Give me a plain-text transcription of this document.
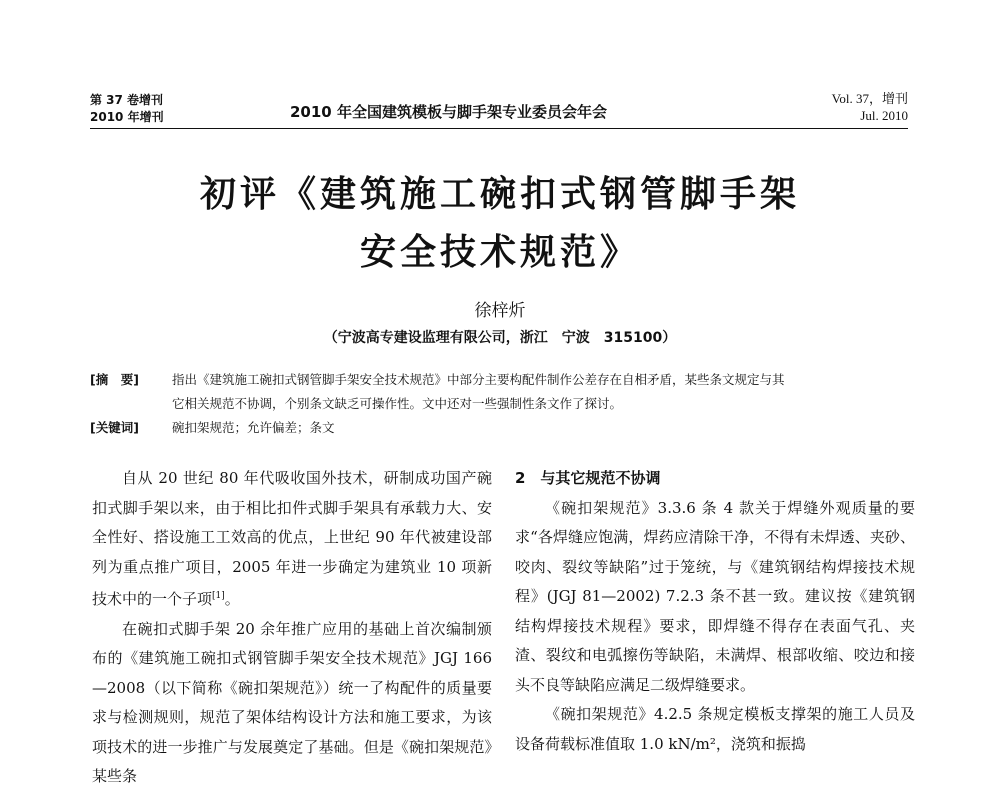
第 37 卷增刊
2010 年增刊	2010 年全国建筑模板与脚手架专业委员会年会
Vol. 37，增刊
Jul. 2010
初评《建筑施工碗扣式钢管脚手架
安全技术规范》
徐梓炘
（宁波高专建设监理有限公司，浙江　宁波　315100）
[摘　要]	指出《建筑施工碗扣式钢管脚手架安全技术规范》中部分主要构配件制作公差存在自相矛盾，某些条文规定与其
它相关规范不协调，个别条文缺乏可操作性。文中还对一些强制性条文作了探讨。
[关键词]	碗扣架规范；允许偏差；条文

自从 20 世纪 80 年代吸收国外技术，研制成功国产碗扣式脚手架以来，由于相比扣件式脚手架具有承载力大、安全性好、搭设施工工效高的优点，上世纪 90 年代被建设部列为重点推广项目，2005 年进一步确定为建筑业 10 项新技术中的一个子项[1]。

在碗扣式脚手架 20 余年推广应用的基础上首次编制颁布的《建筑施工碗扣式钢管脚手架安全技术规范》JGJ 166—2008（以下简称《碗扣架规范》）统一了构配件的质量要求与检测规则，规范了架体结构设计方法和施工要求，为该项技术的进一步推广与发展奠定了基础。但是《碗扣架规范》某些条

2　与其它规范不协调

《碗扣架规范》3.3.6 条 4 款关于焊缝外观质量的要求“各焊缝应饱满，焊药应清除干净，不得有未焊透、夹砂、咬肉、裂纹等缺陷”过于笼统，与《建筑钢结构焊接技术规程》(JGJ 81—2002) 7.2.3 条不甚一致。建议按《建筑钢结构焊接技术规程》要求，即焊缝不得存在表面气孔、夹渣、裂纹和电弧擦伤等缺陷，未满焊、根部收缩、咬边和接头不良等缺陷应满足二级焊缝要求。

《碗扣架规范》4.2.5 条规定模板支撑架的施工人员及设备荷载标准值取 1.0 kN/m²，浇筑和振捣
